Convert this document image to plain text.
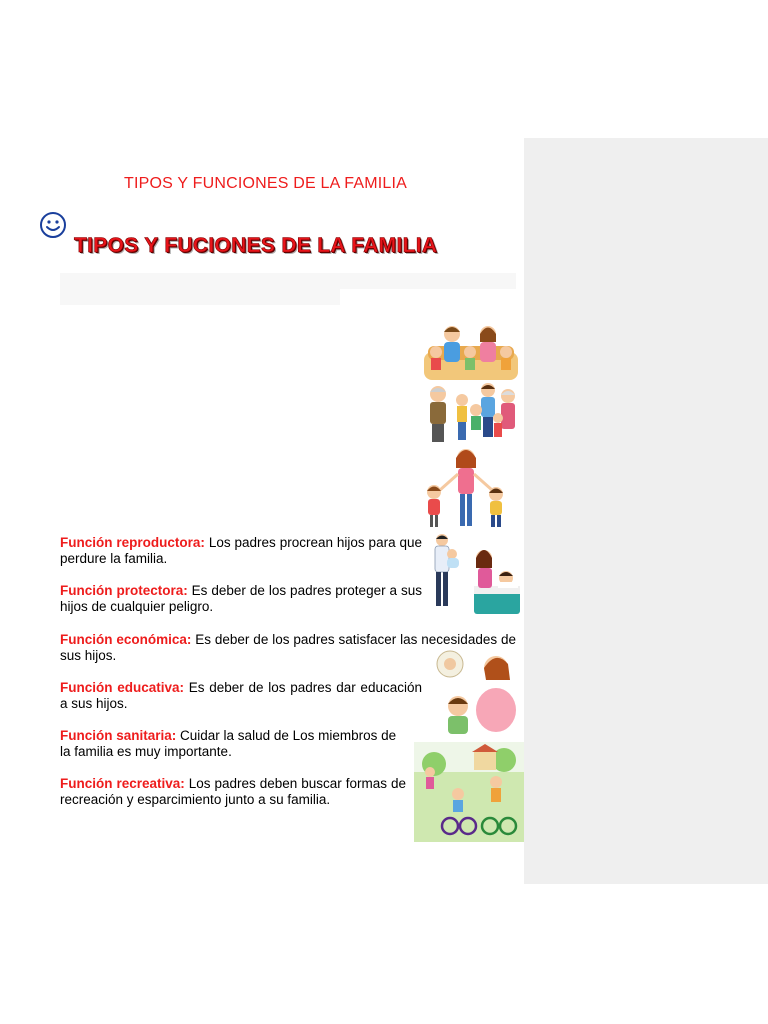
TIPOS Y FUNCIONES DE LA FAMILIA
TIPOS Y FUCIONES DE LA FAMILIA
Función reproductora: Los padres procrean hijos para que perdure la familia.
Función protectora: Es deber de los padres proteger a sus hijos de cualquier peligro.
Función económica: Es deber de los padres satisfacer las necesidades de sus hijos.
Función educativa: Es deber de los padres dar educación a sus hijos.
Función sanitaria: Cuidar la salud de Los miembros de la familia es muy importante.
Función recreativa: Los padres deben buscar formas de recreación y esparcimiento junto a su familia.
